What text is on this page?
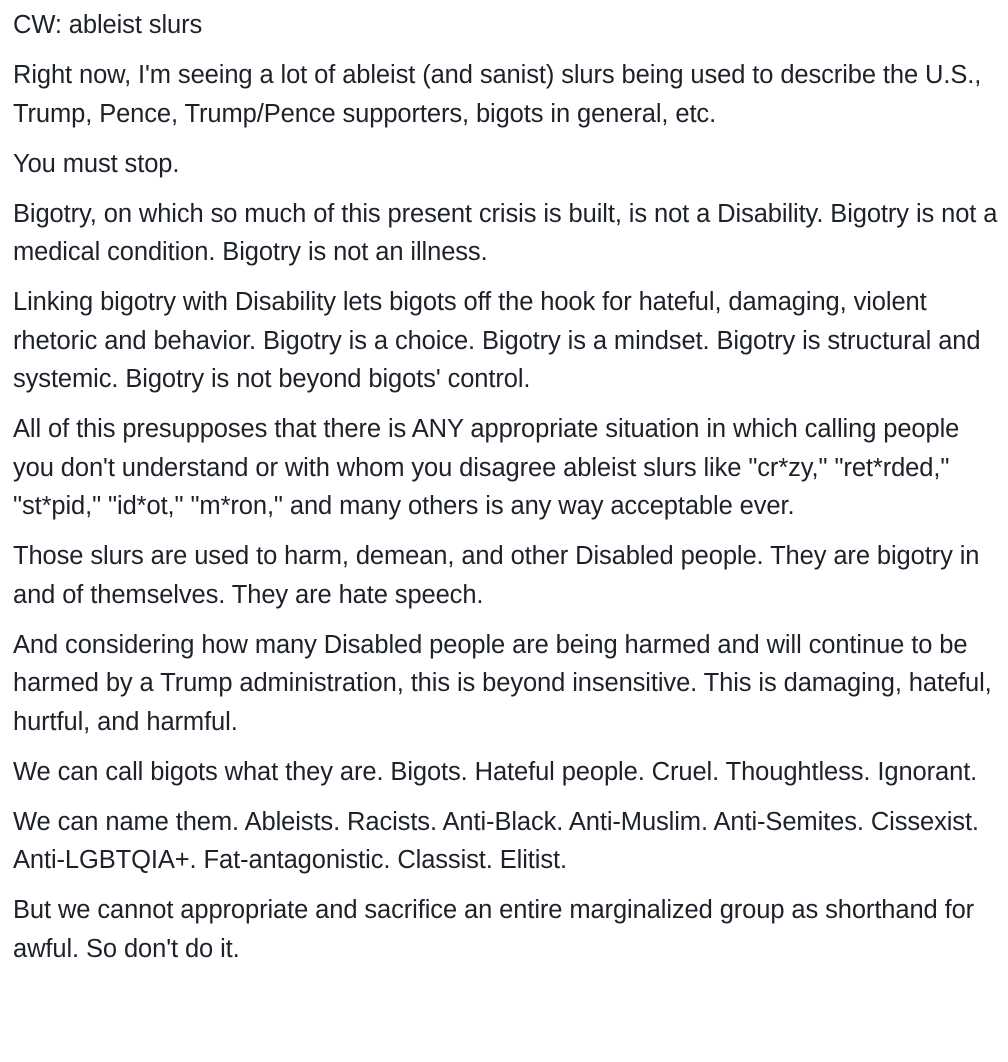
CW: ableist slurs

Right now, I'm seeing a lot of ableist (and sanist) slurs being used to describe the U.S., Trump, Pence, Trump/Pence supporters, bigots in general, etc.

You must stop.

Bigotry, on which so much of this present crisis is built, is not a Disability. Bigotry is not a medical condition. Bigotry is not an illness.

Linking bigotry with Disability lets bigots off the hook for hateful, damaging, violent rhetoric and behavior. Bigotry is a choice. Bigotry is a mindset. Bigotry is structural and systemic. Bigotry is not beyond bigots' control.

All of this presupposes that there is ANY appropriate situation in which calling people you don't understand or with whom you disagree ableist slurs like "cr*zy," "ret*rded," "st*pid," "id*ot," "m*ron," and many others is any way acceptable ever.

Those slurs are used to harm, demean, and other Disabled people. They are bigotry in and of themselves. They are hate speech.

And considering how many Disabled people are being harmed and will continue to be harmed by a Trump administration, this is beyond insensitive. This is damaging, hateful, hurtful, and harmful.

We can call bigots what they are. Bigots. Hateful people. Cruel. Thoughtless. Ignorant.

We can name them. Ableists. Racists. Anti-Black. Anti-Muslim. Anti-Semites. Cissexist. Anti-LGBTQIA+. Fat-antagonistic. Classist. Elitist.

But we cannot appropriate and sacrifice an entire marginalized group as shorthand for awful. So don't do it.
